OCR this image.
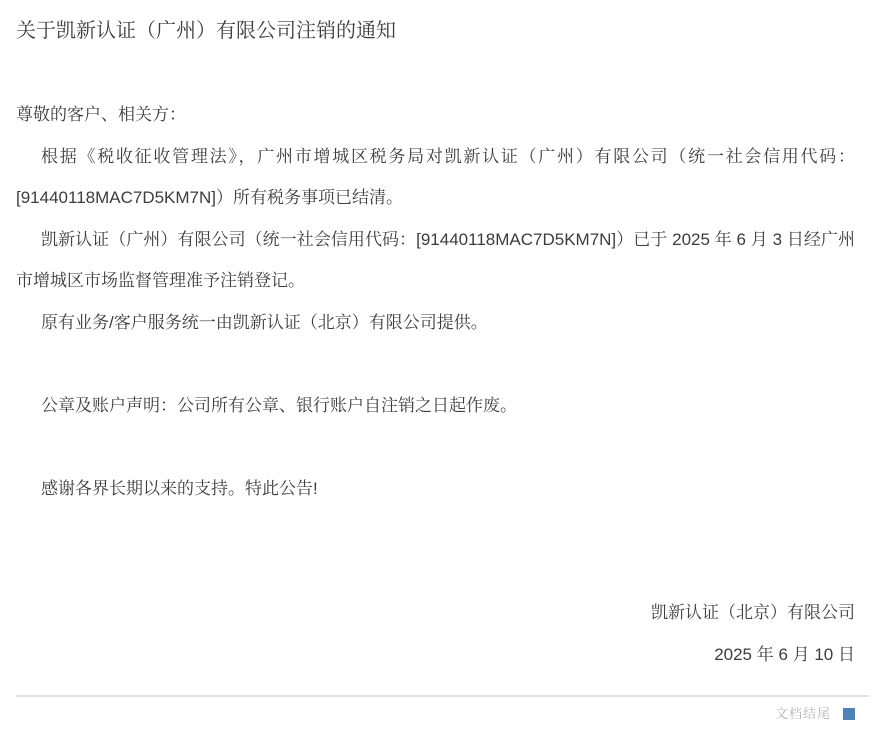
关于凯新认证（广州）有限公司注销的通知

尊敬的客户、相关方：

根据《税收征收管理法》，广州市增城区税务局对凯新认证（广州）有限公司（统一社会信用代码：[91440118MAC7D5KM7N]）所有税务事项已结清。

凯新认证（广州）有限公司（统一社会信用代码：[91440118MAC7D5KM7N]）已于 2025 年 6 月 3 日经广州市增城区市场监督管理准予注销登记。

原有业务/客户服务统一由凯新认证（北京）有限公司提供。

公章及账户声明：公司所有公章、银行账户自注销之日起作废。

感谢各界长期以来的支持。特此公告!

凯新认证（北京）有限公司

2025 年 6 月 10 日

文档结尾
